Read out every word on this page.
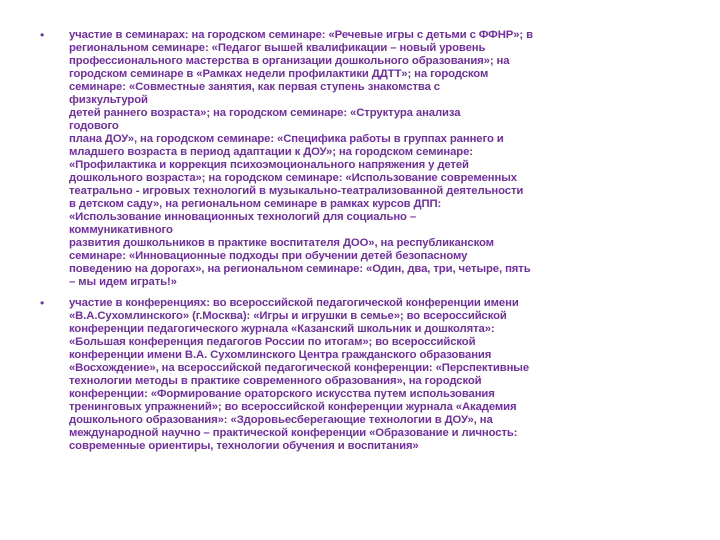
• участие в семинарах: на городском семинаре: «Речевые игры с детьми с ФФНР»; в
региональном семинаре: «Педагог вышей квалификации – новый уровень
профессионального мастерства в организации дошкольного образования»; на
городском семинаре в «Рамках недели профилактики ДДТТ»; на городском
семинаре: «Совместные занятия, как первая ступень знакомства с
физкультурой
детей раннего возраста»; на городском семинаре: «Структура анализа
годового
плана ДОУ», на городском семинаре: «Специфика работы в группах раннего и
младшего возраста в период адаптации к ДОУ»; на городском семинаре:
«Профилактика и коррекция психоэмоционального напряжения у детей
дошкольного возраста»; на городском семинаре: «Использование современных
театрально - игровых технологий в музыкально-театрализованной деятельности
в детском саду», на региональном семинаре в рамках курсов ДПП:
«Использование инновационных технологий для социально –
коммуникативного
развития дошкольников в практике воспитателя ДОО», на республиканском
семинаре: «Инновационные подходы при обучении детей безопасному
поведению на дорогах», на региональном семинаре: «Один, два, три, четыре, пять
– мы идем играть!»
• участие в конференциях: во всероссийской педагогической конференции имени
«В.А.Сухомлинского» (г.Москва): «Игры и игрушки в семье»; во всероссийской
конференции педагогического журнала «Казанский школьник и дошколята»:
«Большая конференция педагогов России по итогам»; во всероссийской
конференции имени В.А. Сухомлинского Центра гражданского образования
«Восхождение», на всероссийской педагогической конференции: «Перспективные
технологии методы в практике современного образования», на городской
конференции: «Формирование ораторского искусства путем использования
тренинговых упражнений»; во всероссийской конференции журнала «Академия
дошкольного образования»: «Здоровьесберегающие технологии в ДОУ», на
международной научно – практической конференции «Образование и личность:
современные ориентиры, технологии обучения и воспитания»
